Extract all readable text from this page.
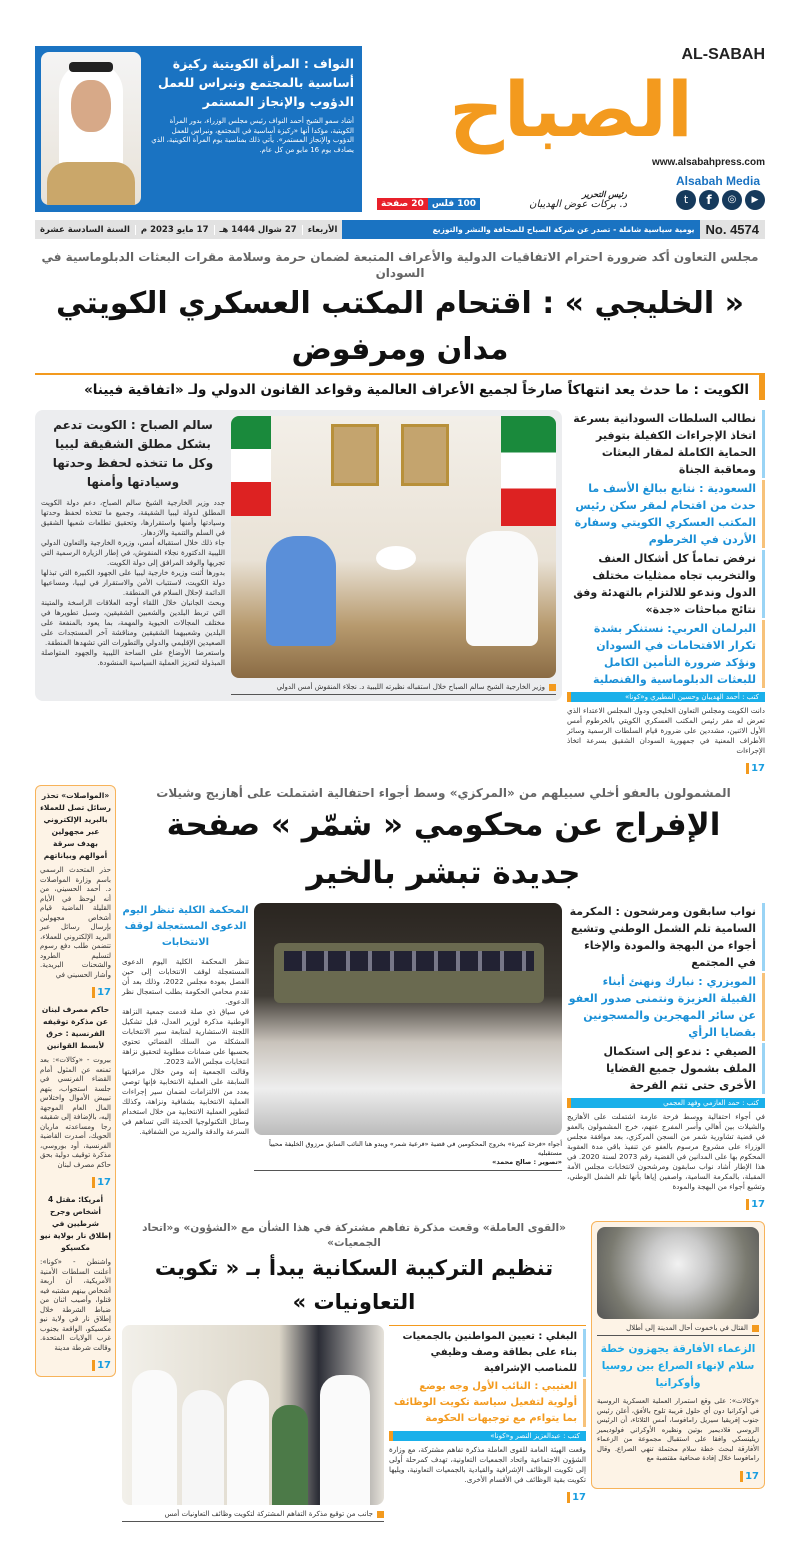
AL-SABAH
الصباح
www.alsabahpress.com
Alsabah Media
t	f	◎	▶
رئيس التحرير
د. بركات عوض الهديبان
100 فلس
20 صفحة
النواف : المرأة الكويتية ركيزة أساسية بالمجتمع ونبراس للعمل الدؤوب والإنجاز المستمر
أشاد سمو الشيخ أحمد النواف رئيس مجلس الوزراء، بدور المرأة الكويتية، مؤكدا أنها «ركيزة أساسية في المجتمع، ونبراس للعمل الدؤوب والإنجاز المستمر». يأتي ذلك بمناسبة يوم المرأة الكويتية، الذي يصادف يوم 16 مايو من كل عام.
No. 4574
يومية سياسية شاملة - تصدر عن شركة الصباح للصحافة والنشر والتوزيع
الأربعاء
27 شوال 1444 هـ
17 مايو 2023 م
السنة السادسة عشرة
مجلس التعاون أكد ضرورة احترام الاتفاقيات الدولية والأعراف المتبعة لضمان حرمة وسلامة مقرات البعثات الدبلوماسية في السودان
« الخليجي » : اقتحام المكتب العسكري الكويتي مدان ومرفوض
الكويت : ما حدث يعد انتهاكاً صارخاً لجميع الأعراف العالمية وقواعد القانون الدولي ولـ «اتفاقية فيينا»
نطالب السلطات السودانية بسرعة اتخاذ الإجراءات الكفيلة بتوفير الحماية الكاملة لمقار البعثات ومعاقبة الجناة
السعودية : نتابع ببالغ الأسف ما حدث من اقتحام لمقر سكن رئيس المكتب العسكري الكويتي وسفارة الأردن في الخرطوم
نرفض تماماً كل أشكال العنف والتخريب تجاه ممثليات مختلف الدول وندعو للالتزام بالتهدئة وفق نتائج مباحثات «جدة»
البرلمان العربي: نستنكر بشدة تكرار الاقتحامات في السودان ونؤكد ضرورة التأمين الكامل للبعثات الدبلوماسية والقنصلية
كتب : أحمد الهديبان وحسين المطيري و«كونا»

دانت الكويت ومجلس التعاون الخليجي ودول المجلس الاعتداء الذي تعرض له مقر رئيس المكتب العسكري الكويتي بالخرطوم أمس الأول الاثنين، مشددين على ضرورة قيام السلطات الرسمية وسائر الأطراف المعنية في جمهورية السودان الشقيق بسرعة اتخاذ الإجراءات

17
وزير الخارجية الشيخ سالم الصباح خلال استقباله نظيرته الليبية د. نجلاء المنقوش أمس الدولي
سالم الصباح : الكويت تدعم بشكل مطلق الشقيقة ليبيا وكل ما تتخذه لحفظ وحدتها وسيادتها وأمنها

جدد وزير الخارجية الشيخ سالم الصباح، دعم دولة الكويت المطلق لدولة ليبيا الشقيقة، وجميع ما تتخذه لحفظ وحدتها وسيادتها وأمنها واستقرارها، وتحقيق تطلعات شعبها الشقيق في السلم والتنمية والازدهار.

جاء ذلك خلال استقباله أمس، وزيرة الخارجية والتعاون الدولي الليبية الدكتورة نجلاء المنقوش، في إطار الزيارة الرسمية التي تجريها والوفد المرافق إلى دولة الكويت.

بدورها أثنت وزيرة خارجية ليبيا على الجهود الكبيرة التي تبذلها دولة الكويت، لاستتباب الأمن والاستقرار في ليبيا، ومساعيها الدائمة لإحلال السلام في المنطقة.

وبحث الجانبان خلال اللقاء أوجه العلاقات الراسخة والمتينة التي تربط البلدين والشعبين الشقيقين، وسبل تطويرها في مختلف المجالات الحيوية والمهمة، بما يعود بالمنفعة على البلدين وشعبيهما الشقيقين ومناقشة آخر المستجدات على الصعيدين الإقليمي والدولي والتطورات التي تشهدها المنطقة.

واستعرضا الأوضاع على الساحة الليبية والجهود المتواصلة المبذولة لتعزيز العملية السياسية المنشودة.

المشمولون بالعفو أخلي سبيلهم من «المركزي» وسط أجواء احتفالية اشتملت على أهازيج وشيلات
الإفراج عن محكومي « شمّر » صفحة جديدة تبشر بالخير
نواب سابقون ومرشحون : المكرمة السامية تلم الشمل الوطني وتشيع أجواء من البهجة والمودة والإخاء في المجتمع
المويزري : نبارك ونهنئ أبناء القبيلة العزيزة ونتمنى صدور العفو عن سائر المهجرين والمسجونين بقضايا الرأي
الصيفي : ندعو إلى استكمال الملف بشمول جميع القضايا الأخرى حتى تتم الفرحة
كتب : حمد العازمي وفهد العجمي

في أجواء احتفالية ووسط فرحة عارمة اشتملت على الأهازيج والشيلات بين أهالي وأسر المفرج عنهم، خرج المشمولون بالعفو في قضية تشاورية شمر من السجن المركزي، بعد موافقة مجلس الوزراء على مشروع مرسوم بالعفو عن تنفيذ باقي مدة العقوبة المحكوم بها على المدانين في القضية رقم 2073 لسنة 2020. في هذا الإطار أشاد نواب سابقون ومرشحون لانتخابات مجلس الأمة المقبلة، بالمكرمة السامية، واصفين إياها بأنها تلم الشمل الوطني، وتشيع أجواء من البهجة والمودة

17
أجواء «فرحة كبيرة» بخروج المحكومين في قضية «فرعية شمر» ويبدو هنا النائب السابق مرزوق الخليفة محيياً مستقبليه
«تصوير : صالح محمد»
المحكمة الكلية تنظر اليوم الدعوى المستعجلة لوقف الانتخابات

تنظر المحكمة الكلية اليوم الدعوى المستعجلة لوقف الانتخابات إلى حين الفصل بعودة مجلس 2022، وذلك بعد أن تقدم محامي الحكومة بطلب استعجال نظر الدعوى.

في سياق ذي صلة قدمت جمعية النزاهة الوطنية مذكرة لوزير العدل، قبل تشكيل اللجنة الاستشارية لمتابعة سير الانتخابات المشكلة من السلك القضائي تحتوي بحسبها على ضمانات مطلوبة لتحقيق نزاهة انتخابات مجلس الأمة 2023.

وقالت الجمعية إنه ومن خلال مراقبتها السابقة على العملية الانتخابية فإنها توصي بعدد من الالتزامات لضمان سير إجراءات العملية الانتخابية بشفافية ونزاهة، وكذلك لتطوير العملية الانتخابية من خلال استخدام وسائل التكنولوجيا الحديثة التي تساهم في السرعة والدقة والمزيد من الشفافية.

القتال في باخموت أحال المدينة إلى أطلال
الزعماء الأفارقة يجهزون خطة سلام لإنهاء الصراع بين روسيا وأوكرانيا

«وكالات»: على وقع استمرار العملية العسكرية الروسية في أوكرانيا دون أي حلول قريبة تلوح بالأفق، أعلن رئيس جنوب إفريقيا سيريل رامافوسا، أمس الثلاثاء، أن الرئيس الروسي فلاديمير بوتين ونظيره الأوكراني فولوديمير زيلينسكي وافقا على استقبال مجموعة من الزعماء الأفارقة لبحث خطة سلام محتملة تنهي الصراع. وقال رامافوسا خلال إفادة صحافية مقتضبة مع

17
«القوى العاملة» وقعت مذكرة تفاهم مشتركة في هذا الشأن مع «الشؤون» و«اتحاد الجمعيات»
تنظيم التركيبة السكانية يبدأ بـ « تكويت التعاونيات »
البغلي : تعيين المواطنين بالجمعيات بناء على بطاقة وصف وظيفي للمناصب الإشرافية
العتيبي : النائب الأول وجه بوضع أولوية لتفعيل سياسة تكويت الوظائف بما يتواءم مع توجيهات الحكومة
كتب : عبدالعزيز النصر و«كونا»

وقعت الهيئة العامة للقوى العاملة مذكرة تفاهم مشتركة، مع وزارة الشؤون الاجتماعية واتحاد الجمعيات التعاونية، تهدف كمرحلة أولى إلى تكويت الوظائف الإشرافية والقيادية بالجمعيات التعاونية، ويليها تكويت بقية الوظائف في الأقسام الأخرى.

17
جانب من توقيع مذكرة التفاهم المشتركة لتكويت وظائف التعاونيات أمس
«المواصلات» تحذر رسائل تصل للعملاء بالبريد الإلكتروني عبر مجهولين بهدف سرقة أموالهم وبياناتهم

حذر المتحدث الرسمي باسم وزارة المواصلات د. أحمد الحسيني، من أنه لوحظ في الأيام القليلة الماضية قيام أشخاص مجهولين بإرسال رسائل عبر البريد الإلكتروني للعملاء، تتضمن طلب دفع رسوم لتسليم الطرود والشحنات البريدية. وأشار الحسيني في

17
حاكم مصرف لبنان عن مذكرة توقيفه الفرنسية : خرق لأبسط القوانين

بيروت - «وكالات»: بعد تمنعه عن المثول أمام القضاء الفرنسي في جلسة استجواب، بتهم تبييض الأموال واختلاس المال العام الموجهة إليه، بالإضافة إلى شقيقه رجا ومساعدته ماريان الحويك، أصدرت القاضية الفرنسية، أود بوروسي، مذكرة توقيف دولية بحق حاكم مصرف لبنان

17
أمريكا: مقتل 4 أشخاص وجرح شرطيين في إطلاق نار بولاية نيو مكسيكو

واشنطن - «كونا»: أعلنت السلطات الأمنية الأمريكية، أن أربعة أشخاص بينهم مشتبه فيه قتلوا، وأصيب اثنان من ضباط الشرطة خلال إطلاق نار في ولاية نيو مكسيكو، الواقعة بجنوب غرب الولايات المتحدة. وقالت شرطة مدينة

17
